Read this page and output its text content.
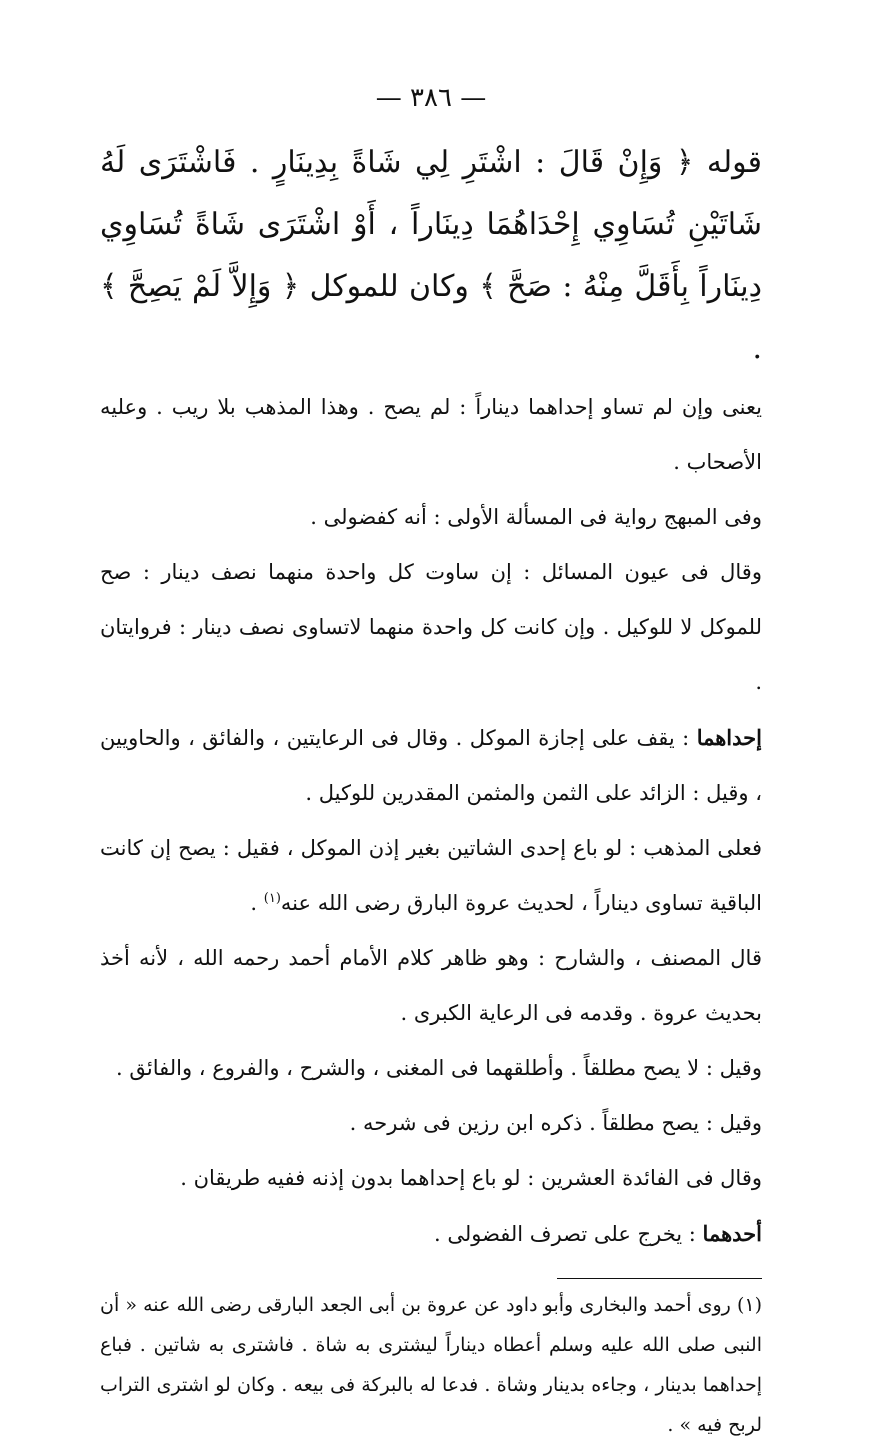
— ٣٨٦ —

قوله ﴿ وَإِنْ قَالَ : اشْتَرِ لِي شَاةً بِدِينَارٍ . فَاشْتَرَى لَهُ شَاتَيْنِ تُسَاوِي إِحْدَاهُمَا دِينَاراً ، أَوْ اشْتَرَى شَاةً تُسَاوِي دِينَاراً بِأَقَلَّ مِنْهُ : صَحَّ ﴾ وكان للموكل ﴿ وَإِلاَّ لَمْ يَصِحَّ ﴾ .

يعنى وإن لم تساو إحداهما ديناراً : لم يصح . وهذا المذهب بلا ريب . وعليه الأصحاب .

وفى المبهج رواية فى المسألة الأولى : أنه كفضولى .

وقال فى عيون المسائل : إن ساوت كل واحدة منهما نصف دينار : صح للموكل لا للوكيل . وإن كانت كل واحدة منهما لاتساوى نصف دينار : فروايتان .

إحداهما : يقف على إجازة الموكل . وقال فى الرعايتين ، والفائق ، والحاويين ، وقيل : الزائد على الثمن والمثمن المقدرين للوكيل .

فعلى المذهب : لو باع إحدى الشاتين بغير إذن الموكل ، فقيل : يصح إن كانت الباقية تساوى ديناراً ، لحديث عروة البارق رضى الله عنه$^{(١)}$ .

قال المصنف ، والشارح : وهو ظاهر كلام الأمام أحمد رحمه الله ، لأنه أخذ بحديث عروة . وقدمه فى الرعاية الكبرى .

وقيل : لا يصح مطلقاً . وأطلقهما فى المغنى ، والشرح ، والفروع ، والفائق .

وقيل : يصح مطلقاً . ذكره ابن رزين فى شرحه .

وقال فى الفائدة العشرين : لو باع إحداهما بدون إذنه ففيه طريقان .

أحدهما : يخرج على تصرف الفضولى .

(١) روى أحمد والبخارى وأبو داود عن عروة بن أبى الجعد البارقى رضى الله عنه « أن النبى صلى الله عليه وسلم أعطاه ديناراً ليشترى به شاة . فاشترى به شاتين . فباع إحداهما بدينار ، وجاءه بدينار وشاة . فدعا له بالبركة فى بيعه . وكان لو اشترى التراب لربح فيه » .
